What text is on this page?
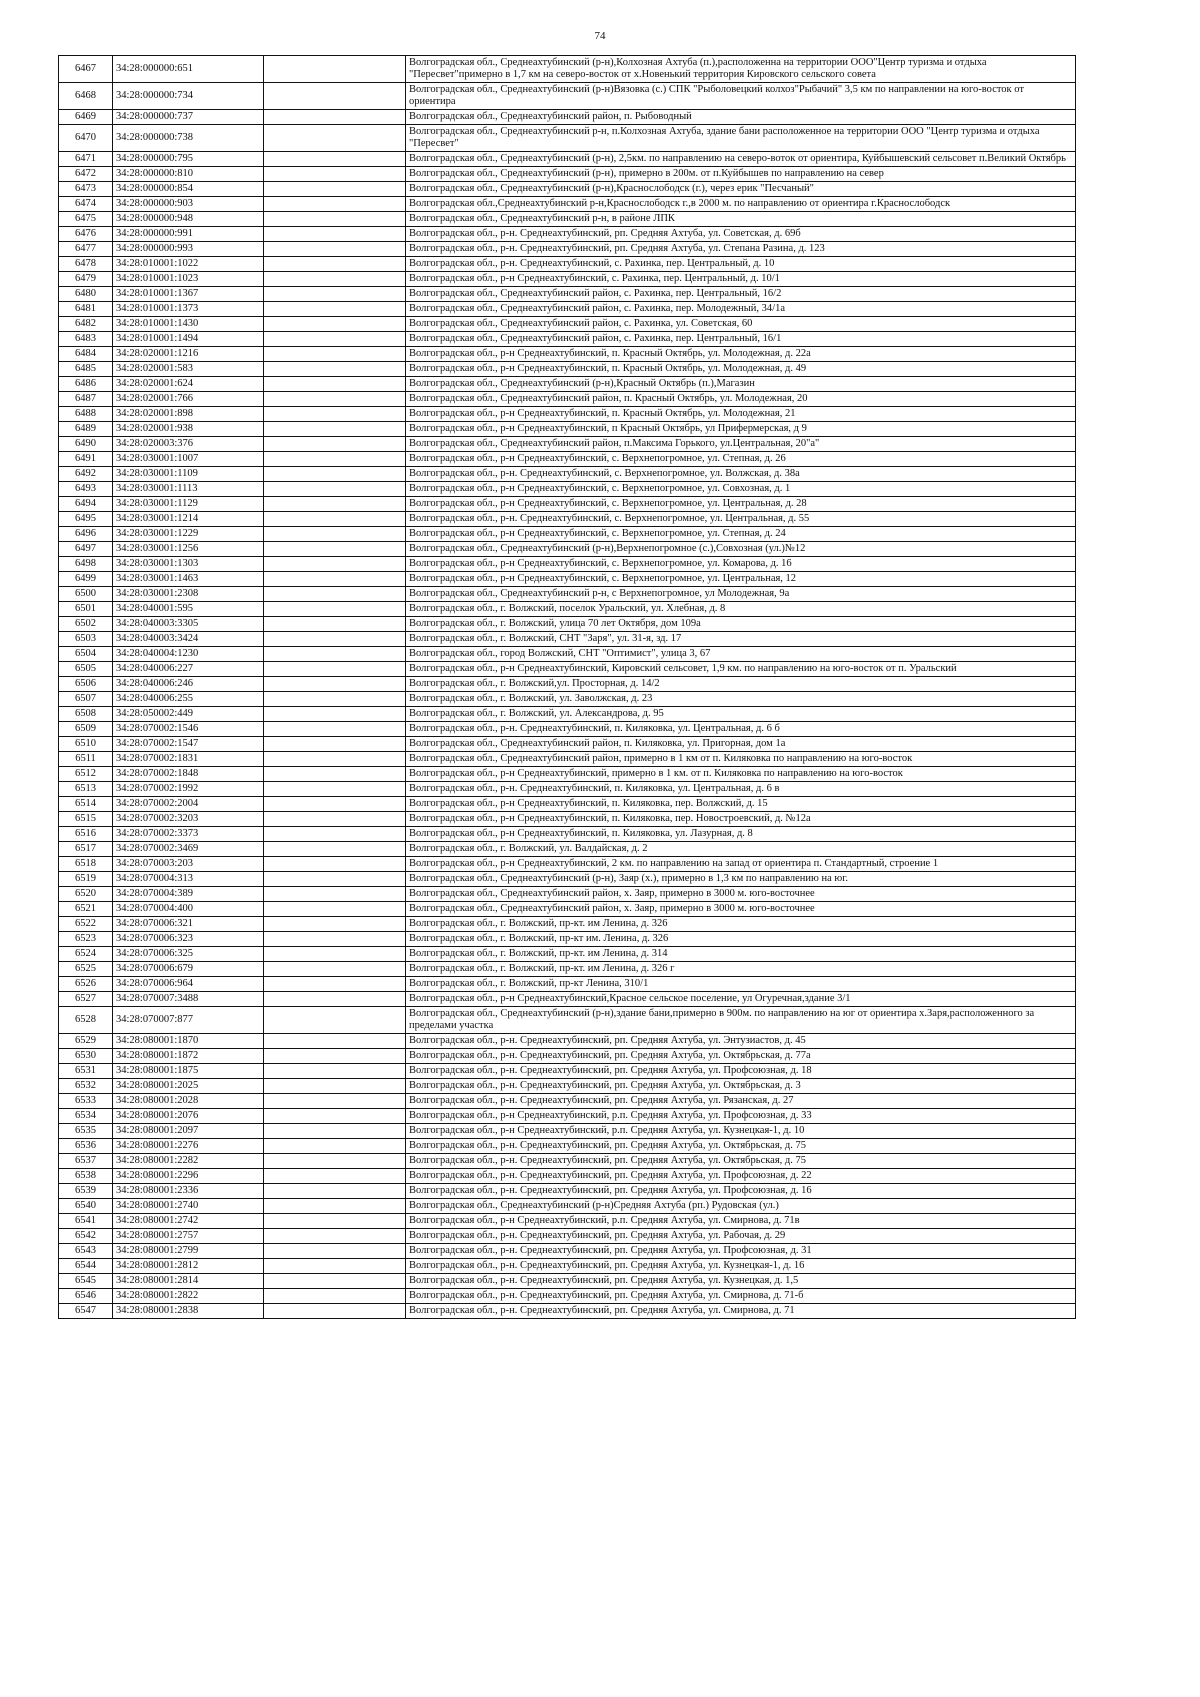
74
6467	34:28:000000:651		Волгоградская обл., Среднеахтубинский (р-н),Колхозная Ахтуба (п.),расположенна на территории ООО"Центр туризма и отдыха "Пересвет"примерно в 1,7 км на северо-восток от х.Новенький территория Кировского сельского совета
6468	34:28:000000:734		Волгоградская обл., Среднеахтубинский (р-н)Вязовка (с.) СПК "Рыболовецкий колхоз"Рыбачий" 3,5 км по направлении на юго-восток от ориентира
6469	34:28:000000:737		Волгоградская обл., Среднеахтубинский район, п. Рыбоводный
6470	34:28:000000:738		Волгоградская обл., Среднеахтубинский р-н, п.Колхозная Ахтуба, здание бани расположенное на территории ООО "Центр туризма и отдыха "Пересвет"
6471	34:28:000000:795		Волгоградская обл., Среднеахтубинский (р-н), 2,5км. по направлению на северо-воток от ориентира, Куйбышевский сельсовет п.Великий Октябрь
6472	34:28:000000:810		Волгоградская обл., Среднеахтубинский (р-н), примерно в 200м. от п.Куйбышев по направлению на север
6473	34:28:000000:854		Волгоградская обл., Среднеахтубинский (р-н),Краснослободск (г.), через ерик "Песчаный"
6474	34:28:000000:903		Волгоградская обл.,Среднеахтубинский р-н,Краснослободск г.,в 2000 м. по направлению от ориентира г.Краснослободск
6475	34:28:000000:948		Волгоградская обл., Среднеахтубинский р-н, в районе ЛПК
6476	34:28:000000:991		Волгоградская обл., р-н. Среднеахтубинский, рп. Средняя Ахтуба, ул. Советская, д. 69б
6477	34:28:000000:993		Волгоградская обл., р-н. Среднеахтубинский, рп. Средняя Ахтуба, ул. Степана Разина, д. 123
6478	34:28:010001:1022		Волгоградская обл., р-н. Среднеахтубинский, с. Рахинка, пер. Центральный, д. 10
6479	34:28:010001:1023		Волгоградская обл., р-н Среднеахтубинский, с. Рахинка, пер. Центральный, д. 10/1
6480	34:28:010001:1367		Волгоградская обл., Среднеахтубинский район, с. Рахинка, пер. Центральный, 16/2
6481	34:28:010001:1373		Волгоградская обл., Среднеахтубинский район, с. Рахинка, пер. Молодежный, 34/1а
6482	34:28:010001:1430		Волгоградская обл., Среднеахтубинский район, с. Рахинка, ул. Советская, 60
6483	34:28:010001:1494		Волгоградская обл., Среднеахтубинский район, с. Рахинка, пер. Центральный, 16/1
6484	34:28:020001:1216		Волгоградская обл., р-н Среднеахтубинский, п. Красный Октябрь, ул. Молодежная, д. 22а
6485	34:28:020001:583		Волгоградская обл., р-н Среднеахтубинский, п. Красный Октябрь, ул. Молодежная, д. 49
6486	34:28:020001:624		Волгоградская обл., Среднеахтубинский (р-н),Красный Октябрь (п.),Магазин
6487	34:28:020001:766		Волгоградская обл., Среднеахтубинский район, п. Красный Октябрь, ул. Молодежная, 20
6488	34:28:020001:898		Волгоградская обл., р-н Среднеахтубинский, п. Красный Октябрь, ул. Молодежная, 21
6489	34:28:020001:938		Волгоградская обл., р-н Среднеахтубинский, п Красный Октябрь, ул Прифермерская, д 9
6490	34:28:020003:376		Волгоградская обл., Среднеахтубинский район, п.Максима Горького, ул.Центральная, 20"а"
6491	34:28:030001:1007		Волгоградская обл., р-н Среднеахтубинский, с. Верхнепогромное, ул. Степная, д. 26
6492	34:28:030001:1109		Волгоградская обл., р-н. Среднеахтубинский, с. Верхнепогромное, ул. Волжская, д. 38а
6493	34:28:030001:1113		Волгоградская обл., р-н Среднеахтубинский, с. Верхнепогромное, ул. Совхозная, д. 1
6494	34:28:030001:1129		Волгоградская обл., р-н Среднеахтубинский, с. Верхнепогромное, ул. Центральная, д. 28
6495	34:28:030001:1214		Волгоградская обл., р-н. Среднеахтубинский, с. Верхнепогромное, ул. Центральная, д. 55
6496	34:28:030001:1229		Волгоградская обл., р-н Среднеахтубинский, с. Верхнепогромное, ул. Степная, д. 24
6497	34:28:030001:1256		Волгоградская обл., Среднеахтубинский (р-н),Верхнепогромное (с.),Совхозная (ул.)№12
6498	34:28:030001:1303		Волгоградская обл., р-н Среднеахтубинский, с. Верхнепогромное, ул. Комарова, д. 16
6499	34:28:030001:1463		Волгоградская обл., р-н Среднеахтубинский, с. Верхнепогромное, ул. Центральная, 12
6500	34:28:030001:2308		Волгоградская обл., Среднеахтубинский р-н, с Верхнепогромное, ул Молодежная, 9а
6501	34:28:040001:595		Волгоградская обл., г. Волжский, поселок Уральский, ул. Хлебная, д. 8
6502	34:28:040003:3305		Волгоградская обл., г. Волжский, улица 70 лет Октября, дом 109а
6503	34:28:040003:3424		Волгоградская обл., г. Волжский, СНТ "Заря", ул. 31-я, зд. 17
6504	34:28:040004:1230		Волгоградская обл., город Волжский, СНТ "Оптимист", улица 3, 67
6505	34:28:040006:227		Волгоградская обл., р-н Среднеахтубинский, Кировский сельсовет, 1,9 км. по направлению на юго-восток от п. Уральский
6506	34:28:040006:246		Волгоградская обл., г. Волжский,ул. Просторная, д. 14/2
6507	34:28:040006:255		Волгоградская обл., г. Волжский, ул. Заволжская, д. 23
6508	34:28:050002:449		Волгоградская обл., г. Волжский, ул. Александрова, д. 95
6509	34:28:070002:1546		Волгоградская обл., р-н. Среднеахтубинский, п. Киляковка, ул. Центральная, д. 6 б
6510	34:28:070002:1547		Волгоградская обл., Среднеахтубинский район, п. Киляковка, ул. Пригорная, дом 1а
6511	34:28:070002:1831		Волгоградская обл., Среднеахтубинский район, примерно в 1 км от п. Киляковка по направлению на юго-восток
6512	34:28:070002:1848		Волгоградская обл., р-н Среднеахтубинский, примерно в 1 км. от п. Киляковка по направлению на юго-восток
6513	34:28:070002:1992		Волгоградская обл., р-н. Среднеахтубинский, п. Киляковка, ул. Центральная, д. 6 в
6514	34:28:070002:2004		Волгоградская обл., р-н Среднеахтубинский, п. Киляковка, пер. Волжский, д. 15
6515	34:28:070002:3203		Волгоградская обл., р-н Среднеахтубинский, п. Киляковка, пер. Новостроевский, д. №12а
6516	34:28:070002:3373		Волгоградская обл., р-н Среднеахтубинский, п. Киляковка, ул. Лазурная, д. 8
6517	34:28:070002:3469		Волгоградская обл., г. Волжский, ул. Валдайская, д. 2
6518	34:28:070003:203		Волгоградская обл., р-н Среднеахтубинский, 2 км. по направлению на запад от ориентира п. Стандартный, строение 1
6519	34:28:070004:313		Волгоградская обл., Среднеахтубинский (р-н), Заяр (х.), примерно в 1,3 км по направлению на юг.
6520	34:28:070004:389		Волгоградская обл., Среднеахтубинский район, х. Заяр, примерно в 3000 м. юго-восточнее
6521	34:28:070004:400		Волгоградская обл., Среднеахтубинский район, х. Заяр, примерно в 3000 м. юго-восточнее
6522	34:28:070006:321		Волгоградская обл., г. Волжский, пр-кт. им Ленина, д. 326
6523	34:28:070006:323		Волгоградская обл., г. Волжский, пр-кт им. Ленина, д. 326
6524	34:28:070006:325		Волгоградская обл., г. Волжский, пр-кт. им Ленина, д. 314
6525	34:28:070006:679		Волгоградская обл., г. Волжский, пр-кт. им Ленина, д. 326 г
6526	34:28:070006:964		Волгоградская обл., г. Волжский, пр-кт Ленина, 310/1
6527	34:28:070007:3488		Волгоградская обл., р-н Среднеахтубинский,Красное сельское поселение, ул Огуречная,здание 3/1
6528	34:28:070007:877		Волгоградская обл., Среднеахтубинский (р-н),здание бани,примерно в 900м. по направлению на юг от ориентира х.Заря,расположенного за пределами участка
6529	34:28:080001:1870		Волгоградская обл., р-н. Среднеахтубинский, рп. Средняя Ахтуба, ул. Энтузиастов, д. 45
6530	34:28:080001:1872		Волгоградская обл., р-н. Среднеахтубинский, рп. Средняя Ахтуба, ул. Октябрьская, д. 77а
6531	34:28:080001:1875		Волгоградская обл., р-н. Среднеахтубинский, рп. Средняя Ахтуба, ул. Профсоюзная, д. 18
6532	34:28:080001:2025		Волгоградская обл., р-н. Среднеахтубинский, рп. Средняя Ахтуба, ул. Октябрьская, д. 3
6533	34:28:080001:2028		Волгоградская обл., р-н. Среднеахтубинский, рп. Средняя Ахтуба, ул. Рязанская, д. 27
6534	34:28:080001:2076		Волгоградская обл., р-н Среднеахтубинский, р.п. Средняя Ахтуба, ул. Профсоюзная, д. 33
6535	34:28:080001:2097		Волгоградская обл., р-н Среднеахтубинский, р.п. Средняя Ахтуба, ул. Кузнецкая-1, д. 10
6536	34:28:080001:2276		Волгоградская обл., р-н. Среднеахтубинский, рп. Средняя Ахтуба, ул. Октябрьская, д. 75
6537	34:28:080001:2282		Волгоградская обл., р-н. Среднеахтубинский, рп. Средняя Ахтуба, ул. Октябрьская, д. 75
6538	34:28:080001:2296		Волгоградская обл., р-н. Среднеахтубинский, рп. Средняя Ахтуба, ул. Профсоюзная, д. 22
6539	34:28:080001:2336		Волгоградская обл., р-н. Среднеахтубинский, рп. Средняя Ахтуба, ул. Профсоюзная, д. 16
6540	34:28:080001:2740		Волгоградская обл., Среднеахтубинский (р-н)Средняя Ахтуба (рп.) Рудовская (ул.)
6541	34:28:080001:2742		Волгоградская обл., р-н Среднеахтубинский, р.п. Средняя Ахтуба, ул. Смирнова, д. 71в
6542	34:28:080001:2757		Волгоградская обл., р-н. Среднеахтубинский, рп. Средняя Ахтуба, ул. Рабочая, д. 29
6543	34:28:080001:2799		Волгоградская обл., р-н. Среднеахтубинский, рп. Средняя Ахтуба, ул. Профсоюзная, д. 31
6544	34:28:080001:2812		Волгоградская обл., р-н. Среднеахтубинский, рп. Средняя Ахтуба, ул. Кузнецкая-1, д. 16
6545	34:28:080001:2814		Волгоградская обл., р-н. Среднеахтубинский, рп. Средняя Ахтуба, ул. Кузнецкая, д. 1,5
6546	34:28:080001:2822		Волгоградская обл., р-н. Среднеахтубинский, рп. Средняя Ахтуба, ул. Смирнова, д. 71-б
6547	34:28:080001:2838		Волгоградская обл., р-н. Среднеахтубинский, рп. Средняя Ахтуба, ул. Смирнова, д. 71
